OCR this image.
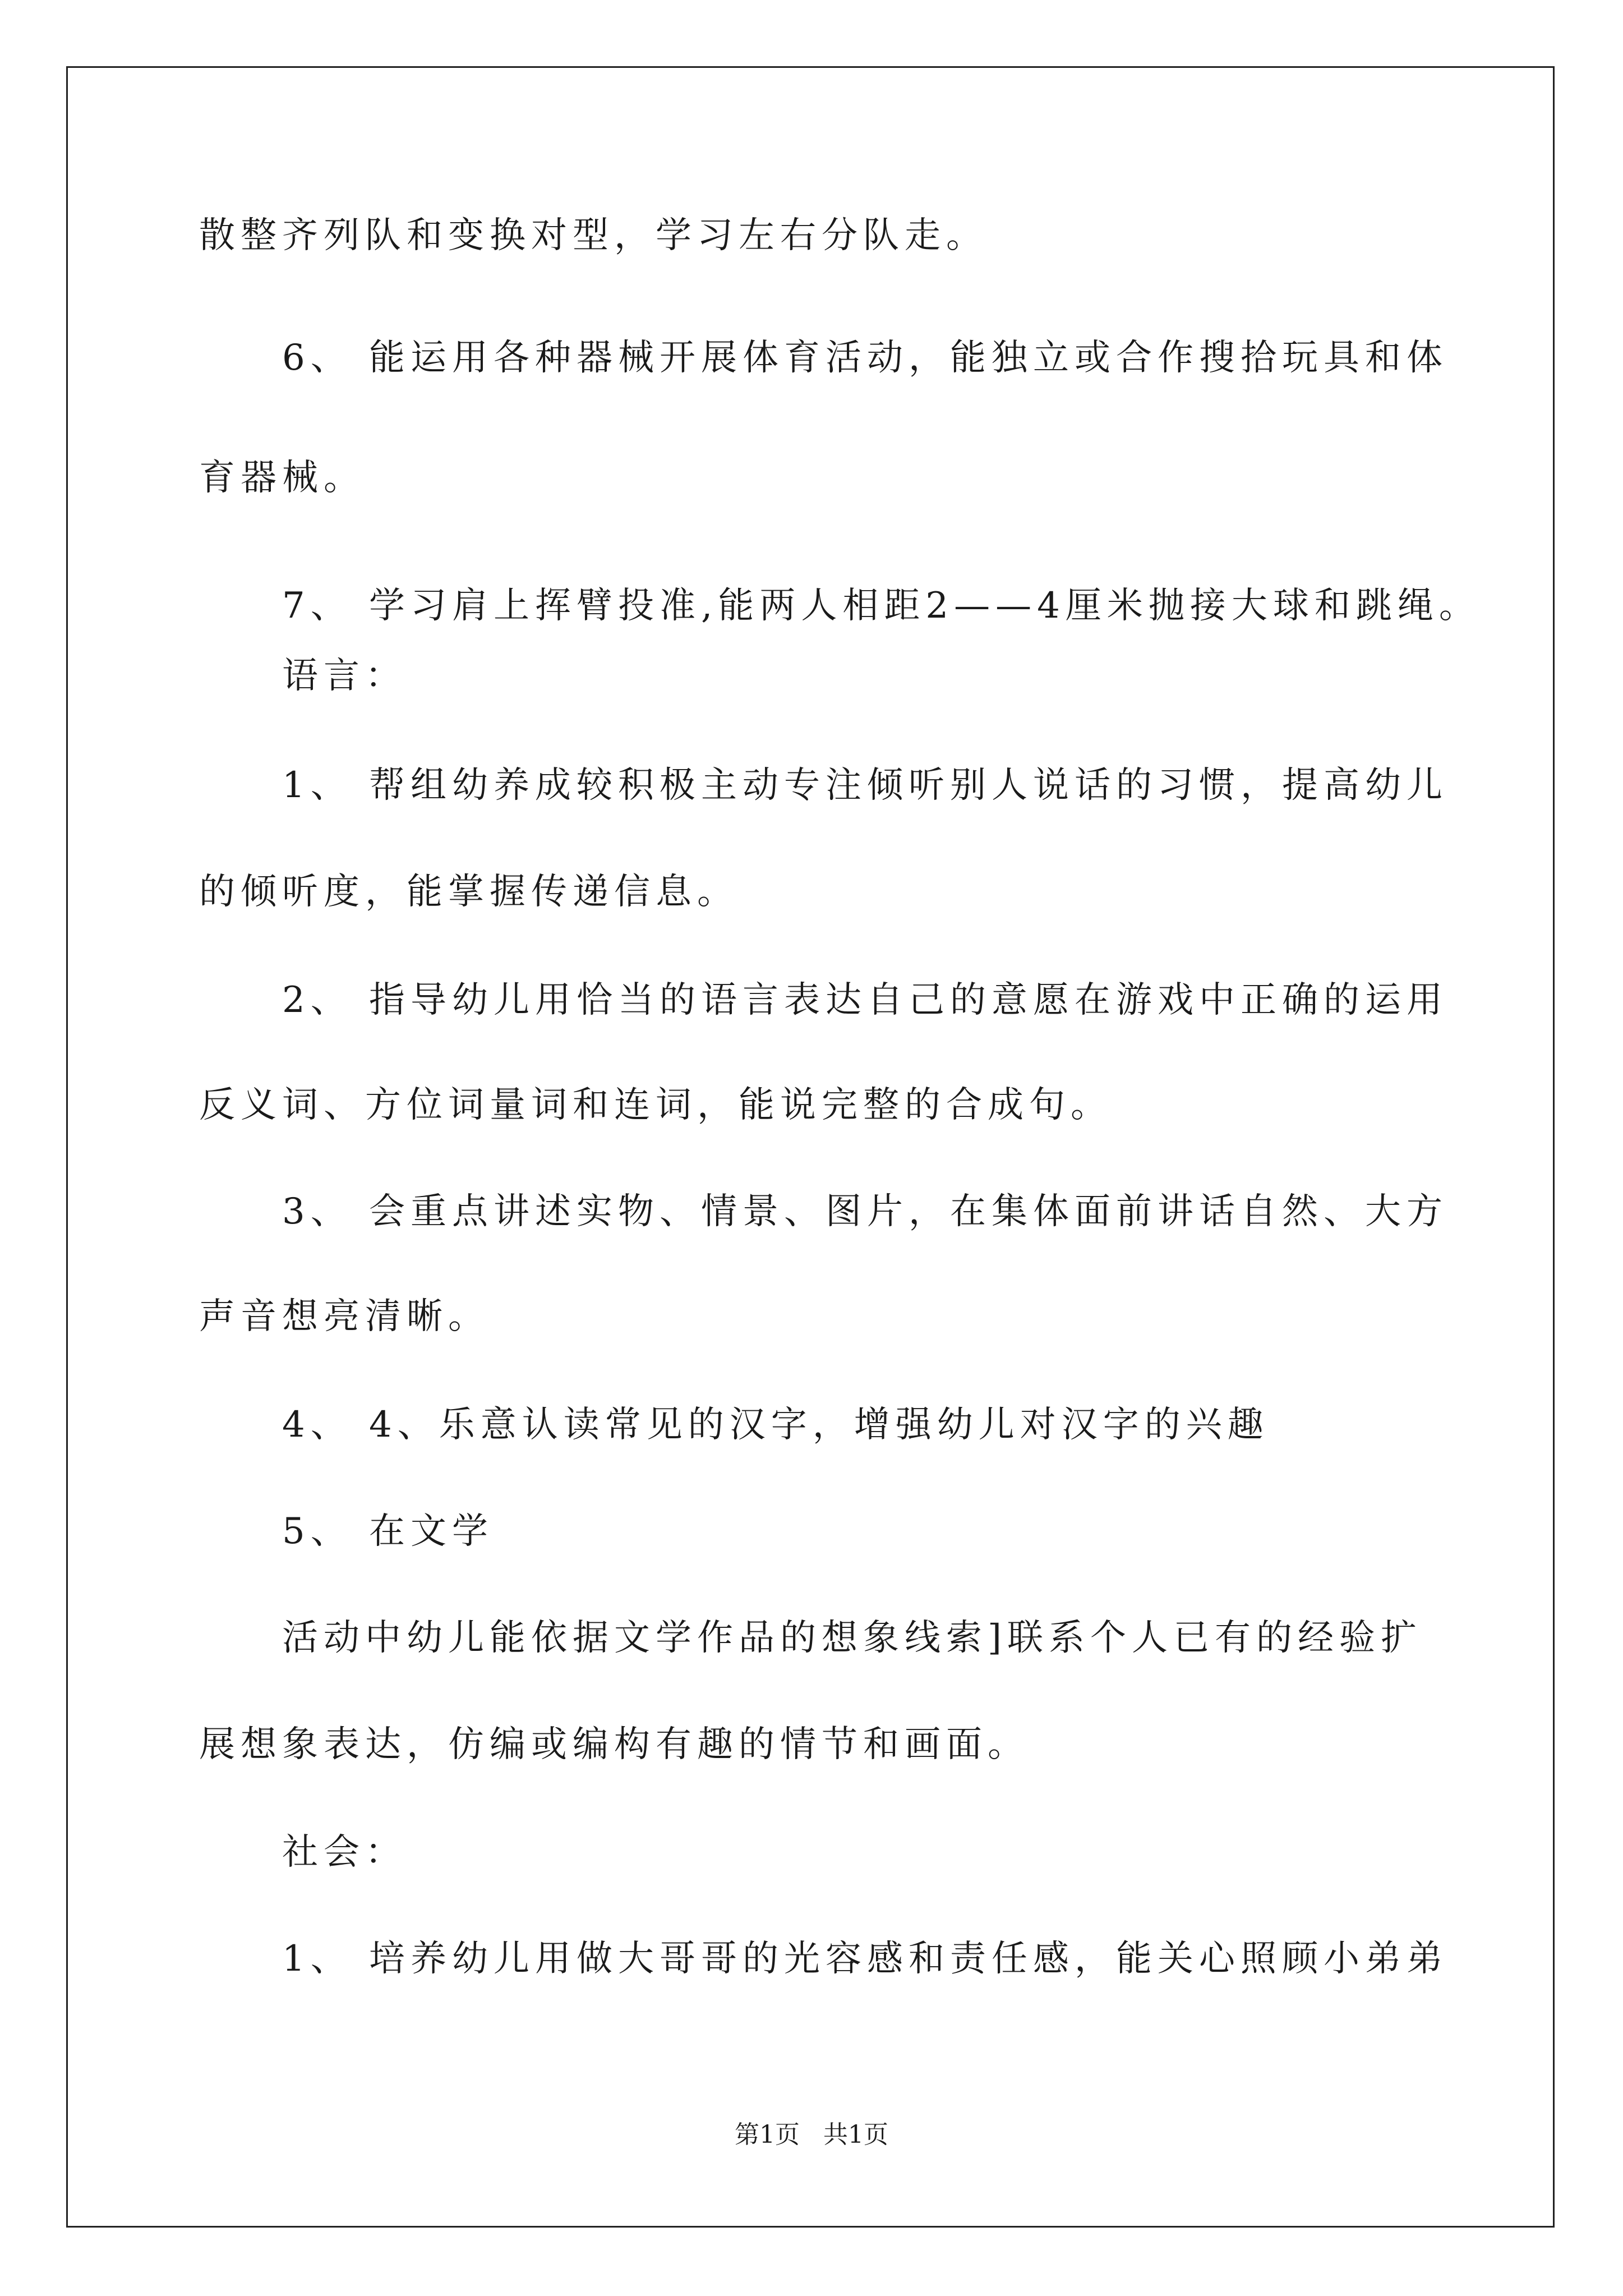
散整齐列队和变换对型，学习左右分队走。
　　6、 能运用各种器械开展体育活动，能独立或合作搜拾玩具和体
育器械。
　　7、 学习肩上挥臂投准,能两人相距2——4厘米抛接大球和跳绳。
　　语言：
　　1、 帮组幼养成较积极主动专注倾听别人说话的习惯，提高幼儿
的倾听度，能掌握传递信息。
　　2、 指导幼儿用恰当的语言表达自己的意愿在游戏中正确的运用
反义词、方位词量词和连词，能说完整的合成句。
　　3、 会重点讲述实物、情景、图片，在集体面前讲话自然、大方
声音想亮清晰。
　　4、 4、乐意认读常见的汉字，增强幼儿对汉字的兴趣
　　5、 在文学
　　活动中幼儿能依据文学作品的想象线索]联系个人已有的经验扩
展想象表达，仿编或编构有趣的情节和画面。
　　社会：
　　1、 培养幼儿用做大哥哥的光容感和责任感，能关心照顾小弟弟
第1页 共1页
